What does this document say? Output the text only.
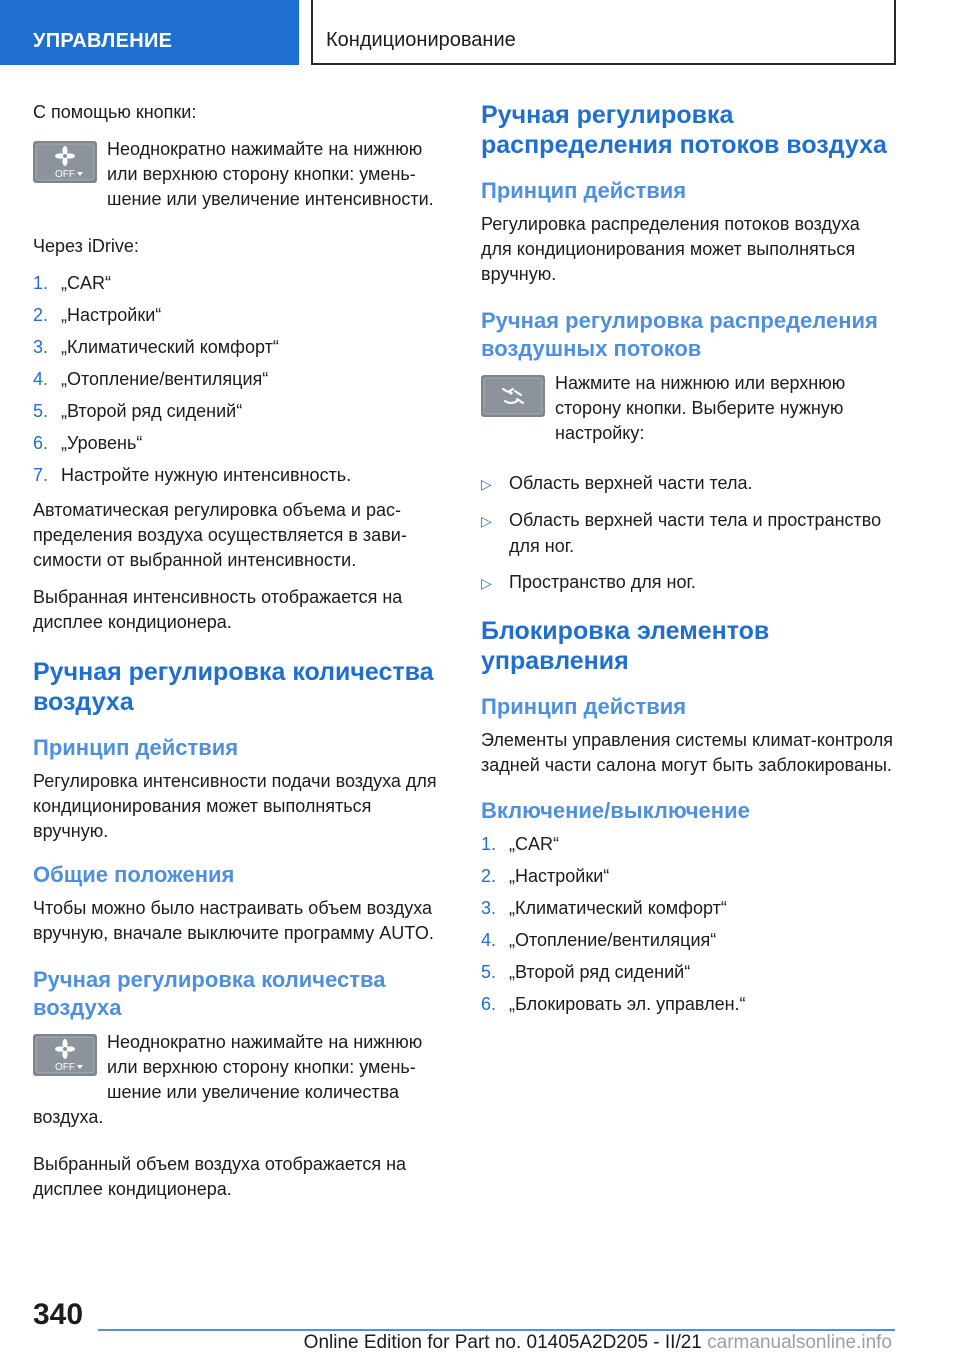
УПРАВЛЕНИЕ	Кондиционирование

С помощью кнопки:

OFF

Неоднократно нажимайте на нижнюю или верхнюю сторону кнопки: уменьшение или увеличение интенсивности.

Через iDrive:

1. „CAR“
2. „Настройки“
3. „Климатический комфорт“
4. „Отопление/вентиляция“
5. „Второй ряд сидений“
6. „Уровень“
7. Настройте нужную интенсивность.

Автоматическая регулировка объема и распределения воздуха осуществляется в зависимости от выбранной интенсивности.

Выбранная интенсивность отображается на дисплее кондиционера.

Ручная регулировка количества воздуха
Принцип действия

Регулировка интенсивности подачи воздуха для кондиционирования может выполняться вручную.

Общие положения

Чтобы можно было настраивать объем воздуха вручную, вначале выключите программу AUTO.

Ручная регулировка количества воздуха
OFF

Неоднократно нажимайте на нижнюю или верхнюю сторону кнопки: уменьшение или увеличение количества воздуха.

Выбранный объем воздуха отображается на дисплее кондиционера.

Ручная регулировка распределения потоков воздуха
Принцип действия

Регулировка распределения потоков воздуха для кондиционирования может выполняться вручную.

Ручная регулировка распределения воздушных потоков

Нажмите на нижнюю или верхнюю сторону кнопки. Выберите нужную настройку:

▷ Область верхней части тела.
▷ Область верхней части тела и пространство для ног.
▷ Пространство для ног.
Блокировка элементов управления
Принцип действия

Элементы управления системы климат-контроля задней части салона могут быть заблокированы.

Включение/выключение
1. „CAR“
2. „Настройки“
3. „Климатический комфорт“
4. „Отопление/вентиляция“
5. „Второй ряд сидений“
6. „Блокировать эл. управлен.“
340
Online Edition for Part no. 01405A2D205 - II/21 carmanualsonline.info
